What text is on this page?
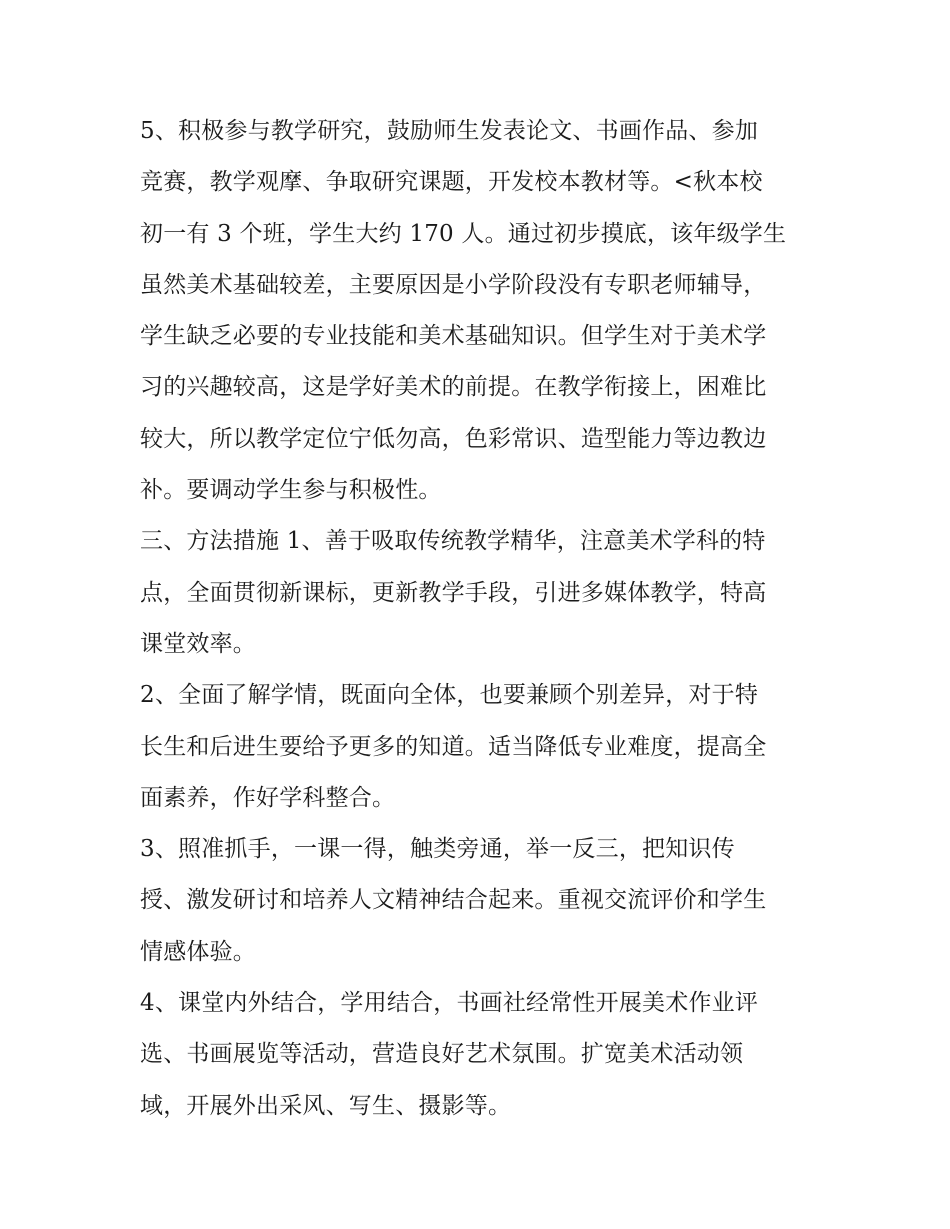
5、积极参与教学研究，鼓励师生发表论文、书画作品、参加
竞赛，教学观摩、争取研究课题，开发校本教材等。<秋本校
初一有 3 个班，学生大约 170 人。通过初步摸底，该年级学生
虽然美术基础较差，主要原因是小学阶段没有专职老师辅导，
学生缺乏必要的专业技能和美术基础知识。但学生对于美术学
习的兴趣较高，这是学好美术的前提。在教学衔接上，困难比
较大，所以教学定位宁低勿高，色彩常识、造型能力等边教边
补。要调动学生参与积极性。
三、方法措施 1、善于吸取传统教学精华，注意美术学科的特
点，全面贯彻新课标，更新教学手段，引进多媒体教学，特高
课堂效率。
2、全面了解学情，既面向全体，也要兼顾个别差异，对于特
长生和后进生要给予更多的知道。适当降低专业难度，提高全
面素养，作好学科整合。
3、照准抓手，一课一得，触类旁通，举一反三，把知识传
授、激发研讨和培养人文精神结合起来。重视交流评价和学生
情感体验。
4、课堂内外结合，学用结合，书画社经常性开展美术作业评
选、书画展览等活动，营造良好艺术氛围。扩宽美术活动领
域，开展外出采风、写生、摄影等。
